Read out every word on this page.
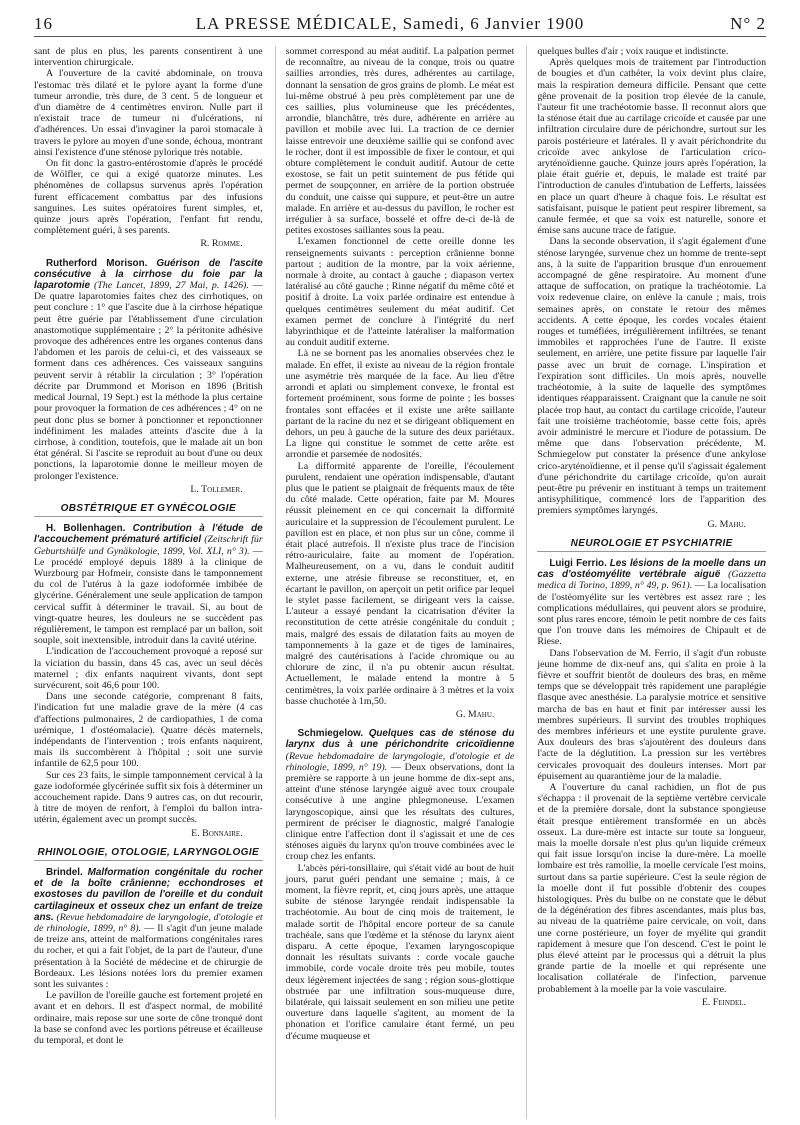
16	LA PRESSE MÉDICALE, Samedi, 6 Janvier 1900	N° 2

sant de plus en plus, les parents consentirent à une intervention chirurgicale.

A l'ouverture de la cavité abdominale, on trouva l'estomac très dilaté et le pylore ayant la forme d'une tumeur arrondie, très dure, de 3 cent. 5 de longueur et d'un diamètre de 4 centimètres environ. Nulle part il n'existait trace de tumeur ni d'ulcérations, ni d'adhérences. Un essai d'invaginer la paroi stomacale à travers le pylore au moyen d'une sonde, échoua, montrant ainsi l'existence d'une sténose pylorique très notable.

On fit donc la gastro-entérostomie d'après le procédé de Wölfler, ce qui a exigé quatorze minutes. Les phénomènes de collapsus survenus après l'opération furent efficacement combattus par des infusions sanguines. Les suites opératoires furent simples, et, quinze jours après l'opération, l'enfant fut rendu, complètement guéri, à ses parents.

R. Romme.

Rutherford Morison. Guérison de l'ascite consécutive à la cirrhose du foie par la laparotomie (The Lancet, 1899, 27 Mai, p. 1426). — De quatre laparotomies faites chez des cirrhotiques, on peut conclure : 1° que l'ascite due à la cirrhose hépatique peut être guérie par l'établissement d'une circulation anastomotique supplémentaire ; 2° la péritonite adhésive provoque des adhérences entre les organes contenus dans l'abdomen et les parois de celui-ci, et des vaisseaux se forment dans ces adhérences. Ces vaisseaux sanguins peuvent servir à rétablir la circulation ; 3° l'opération décrite par Drummond et Morison en 1896 (British medical Journal, 19 Sept.) est la méthode la plus certaine pour provoquer la formation de ces adhérences ; 4° on ne peut donc plus se borner à ponctionner et reponctionner indéfiniment les malades atteints d'ascite due à la cirrhose, à condition, toutefois, que le malade ait un bon état général. Si l'ascite se reproduit au bout d'une ou deux ponctions, la laparotomie donne le meilleur moyen de prolonger l'existence.

L. Tollemer.
OBSTÉTRIQUE ET GYNÉCOLOGIE

H. Bollenhagen. Contribution à l'étude de l'accouchement prématuré artificiel (Zeitschrift für Geburtshülfe und Gynäkologie, 1899, Vol. XLI, n° 3). — Le procédé employé depuis 1889 à la clinique de Wurzbourg par Hofmeir, consiste dans le tamponnement du col de l'utérus à la gaze iodoformée imbibée de glycérine. Généralement une seule application de tampon cervical suffit à déterminer le travail. Si, au bout de vingt-quatre heures, les douleurs ne se succèdent pas régulièrement, le tampon est remplacé par un ballon, soit souple, soit inextensible, introduit dans la cavité utérine.

L'indication de l'accouchement provoqué a reposé sur la viciation du bassin, dans 45 cas, avec un seul décès maternel ; dix enfants naquirent vivants, dont sept survécurent, soit 46,6 pour 100.

Dans une seconde catégorie, comprenant 8 faits, l'indication fut une maladie grave de la mère (4 cas d'affections pulmonaires, 2 de cardiopathies, 1 de coma urémique, 1 d'ostéomalacie). Quatre décès maternels, indépendants de l'intervention ; trois enfants naquirent, mais ils succombèrent à l'hôpital ; soit une survie infantile de 62,5 pour 100.

Sur ces 23 faits, le simple tamponnement cervical à la gaze iodoformée glycérinée suffit six fois à déterminer un accouchement rapide. Dans 9 autres cas, on dut recourir, à titre de moyen de renfort, à l'emploi du ballon intra-utérin, également avec un prompt succès.

E. Bonnaire.
RHINOLOGIE, OTOLOGIE, LARYNGOLOGIE

Brindel. Malformation congénitale du rocher et de la boîte crânienne; ecchondroses et exostoses du pavillon de l'oreille et du conduit cartilagineux et osseux chez un enfant de treize ans. (Revue hebdomadaire de laryngologie, d'otologie et de rhinologie, 1899, n° 8). — Il s'agit d'un jeune malade de treize ans, atteint de malformations congénitales rares du rocher, et qui a fait l'objet, de la part de l'auteur, d'une présentation à la Société de médecine et de chirurgie de Bordeaux. Les lésions notées lors du premier examen sont les suivantes :

Le pavillon de l'oreille gauche est fortement projeté en avant et en dehors. Il est d'aspect normal, de mobilité ordinaire, mais repose sur une sorte de cône tronqué dont la base se confond avec les portions pétreuse et écailleuse du temporal, et dont le

sommet correspond au méat auditif. La palpation permet de reconnaître, au niveau de la conque, trois ou quatre saillies arrondies, très dures, adhérentes au cartilage, donnant la sensation de gros grains de plomb. Le méat est lui-même obstrué à peu près complètement par une de ces saillies, plus volumineuse que les précédentes, arrondie, blanchâtre, très dure, adhérente en arrière au pavillon et mobile avec lui. La traction de ce dernier laisse entrevoir une deuxième saillie qui se confond avec le rocher, dont il est impossible de fixer le contour, et qui obture complètement le conduit auditif. Autour de cette exostose, se fait un petit suintement de pus fétide qui permet de soupçonner, en arrière de la portion obstruée du conduit, une caisse qui suppure, et peut-être un autre malade. En arrière et au-dessus du pavillon, le rocher est irrégulier à sa surface, bosselé et offre de-ci de-là de petites exostoses saillantes sous la peau.

L'examen fonctionnel de cette oreille donne les renseignements suivants : perception crânienne bonne partout ; audition de la montre, par la voix aérienne, normale à droite, au contact à gauche ; diapason vertex latéralisé au côté gauche ; Rinne négatif du même côté et positif à droite. La voix parlée ordinaire est entendue à quelques centimètres seulement du méat auditif. Cet examen permet de conclure à l'intégrité du nerf labyrinthique et de l'atteinte latéraliser la malformation au conduit auditif externe.

Là ne se bornent pas les anomalies observées chez le malade. En effet, il existe au niveau de la région frontale une asymétrie très marquée de la face. Au lieu d'être arrondi et aplati ou simplement convexe, le frontal est fortement proéminent, sous forme de pointe ; les bosses frontales sont effacées et il existe une arête saillante partant de la racine du nez et se dirigeant obliquement en dehors, un peu à gauche de la suture des deux pariétaux. La ligne qui constitue le sommet de cette arête est arrondie et parsemée de nodosités.

La difformité apparente de l'oreille, l'écoulement purulent, rendaient une opération indispensable, d'autant plus que le patient se plaignait de fréquents maux de tête du côté malade. Cette opération, faite par M. Moures réussit pleinement en ce qui concernait la difformité auriculaire et la suppression de l'écoulement purulent. Le pavillon est en place, et non plus sur un cône, comme il était placé autrefois. Il n'existe plus trace de l'incision rétro-auriculaire, faite au moment de l'opération. Malheureusement, on a vu, dans le conduit auditif externe, une atrésie fibreuse se reconstituer, et, en écartant le pavillon, on aperçoit un petit orifice par lequel le stylet passe facilement, se dirigeant vers la caisse. L'auteur a essayé pendant la cicatrisation d'éviter la reconstitution de cette atrésie congénitale du conduit ; mais, malgré des essais de dilatation faits au moyen de tamponnements à la gaze et de tiges de laminaires, malgré des cautérisations à l'acide chromique ou au chlorure de zinc, il n'a pu obtenir aucun résultat. Actuellement, le malade entend la montre à 5 centimètres, la voix parlée ordinaire à 3 mètres et la voix basse chuchotée à 1m,50.

G. Mahu.

Schmiegelow. Quelques cas de sténose du larynx dus à une périchondrite cricoïdienne (Revue hebdomadaire de laryngologie, d'otologie et de rhinologie, 1899, n° 19). — Deux observations, dont la première se rapporte à un jeune homme de dix-sept ans, atteint d'une sténose laryngée aiguë avec toux croupale consécutive à une angine phlegmoneuse. L'examen laryngoscopique, ainsi que les résultats des cultures, permirent de préciser le diagnostic, malgré l'analogie clinique entre l'affection dont il s'agissait et une de ces sténoses aiguës du larynx qu'on trouve combinées avec le croup chez les enfants.

L'abcès péri-tonsillaire, qui s'était vidé au bout de huit jours, parut guéri pendant une semaine ; mais, à ce moment, la fièvre reprit, et, cinq jours après, une attaque subite de sténose laryngée rendait indispensable la trachéotomie. Au bout de cinq mois de traitement, le malade sortit de l'hôpital encore porteur de sa canule trachéale, sans que l'œdème et la sténose du larynx aient disparu. A cette époque, l'examen laryngoscopique donnait les résultats suivants : corde vocale gauche immobile, corde vocale droite très peu mobile, toutes deux légèrement injectées de sang ; région sous-glottique obstruée par une infiltration sous-muqueuse dure, bilatérale, qui laissait seulement en son milieu une petite ouverture dans laquelle s'agitent, au moment de la phonation et l'orifice canulaire étant fermé, un peu d'écume muqueuse et

quelques bulles d'air ; voix rauque et indistincte.

Après quelques mois de traitement par l'introduction de bougies et d'un cathéter, la voix devint plus claire, mais la respiration demeura difficile. Pensant que cette gêne provenait de la position trop élevée de la canule, l'auteur fit une trachéotomie basse. Il reconnut alors que la sténose était due au cartilage cricoïde et causée par une infiltration circulaire dure de périchondre, surtout sur les parois postérieure et latérales. Il y avait périchondrite du cricoïde avec ankylose de l'articulation crico-aryténoïdienne gauche. Quinze jours après l'opération, la plaie était guérie et, depuis, le malade est traité par l'introduction de canules d'intubation de Lefferts, laissées en place un quart d'heure à chaque fois. Le résultat est satisfaisant, puisque le patient peut respirer librement, sa canule fermée, et que sa voix est naturelle, sonore et émise sans aucune trace de fatigue.

Dans la seconde observation, il s'agit également d'une sténose laryngée, survenue chez un homme de trente-sept ans, à la suite de l'apparition brusque d'un enrouement accompagné de gêne respiratoire. Au moment d'une attaque de suffocation, on pratique la trachéotomie. La voix redevenue claire, on enlève la canule ; mais, trois semaines après, on constate le retour des mêmes accidents. A cette époque, les cordes vocales étaient rouges et tuméfiées, irrégulièrement infiltrées, se tenant immobiles et rapprochées l'une de l'autre. Il existe seulement, en arrière, une petite fissure par laquelle l'air passe avec un bruit de cornage. L'inspiration et l'expiration sont difficiles. Un mois après, nouvelle trachéotomie, à la suite de laquelle des symptômes identiques réapparaissent. Craignant que la canule ne soit placée trop haut, au contact du cartilage cricoïde, l'auteur fait une troisième trachéotomie, basse cette fois, après avoir administré le mercure et l'iodure de potassium. De même que dans l'observation précédente, M. Schmiegelow put constater la présence d'une ankylose crico-aryténoïdienne, et il pense qu'il s'agissait également d'une périchondrite du cartilage cricoïde, qu'on aurait peut-être pu prévenir en instituant à temps un traitement antisyphilitique, commencé lors de l'apparition des premiers symptômes laryngés.

G. Mahu.
NEUROLOGIE ET PSYCHIATRIE

Luigi Ferrio. Les lésions de la moelle dans un cas d'ostéomyélite vertébrale aiguë (Gazzetta medica di Torino, 1899, n° 49, p. 961). — La localisation de l'ostéomyélite sur les vertèbres est assez rare ; les complications médullaires, qui peuvent alors se produire, sont plus rares encore, témoin le petit nombre de ces faits que l'on trouve dans les mémoires de Chipault et de Riese.

Dans l'observation de M. Ferrio, il s'agit d'un robuste jeune homme de dix-neuf ans, qui s'alita en proie à la fièvre et souffrit bientôt de douleurs des bras, en même temps que se développait très rapidement une paraplégie flasque avec anesthésie. La paralysie motrice et sensitive marcha de bas en haut et finit par intéresser aussi les membres supérieurs. Il survint des troubles trophiques des membres inférieurs et une eystite purulente grave. Aux douleurs des bras s'ajoutèrent des douleurs dans l'acte de la déglutition. La pression sur les vertèbres cervicales provoquait des douleurs intenses. Mort par épuisement au quarantième jour de la maladie.

A l'ouverture du canal rachidien, un flot de pus s'échappa : il provenait de la septième vertèbre cervicale et de la première dorsale, dont la substance spongieuse était presque entièrement transformée en un abcès osseux. La dure-mère est intacte sur toute sa longueur, mais la moelle dorsale n'est plus qu'un liquide crémeux qui fait issue lorsqu'on incise la dure-mère. La moelle lombaire est très ramollie, la moelle cervicale l'est moins, surtout dans sa partie supérieure. C'est la seule région de la moelle dont il fut possible d'obtenir des coupes histologiques. Près du bulbe on ne constate que le début de la dégénération des fibres ascendantes, mais plus bas, au niveau de la quatrième paire cervicale, on voit, dans une corne postérieure, un foyer de myélite qui grandit rapidement à mesure que l'on descend. C'est le point le plus élevé atteint par le processus qui a détruit la plus grande partie de la moelle et qui représente une localisation collatérale de l'infection, parvenue probablement à la moelle par la voie vasculaire.

E. Feindel.
